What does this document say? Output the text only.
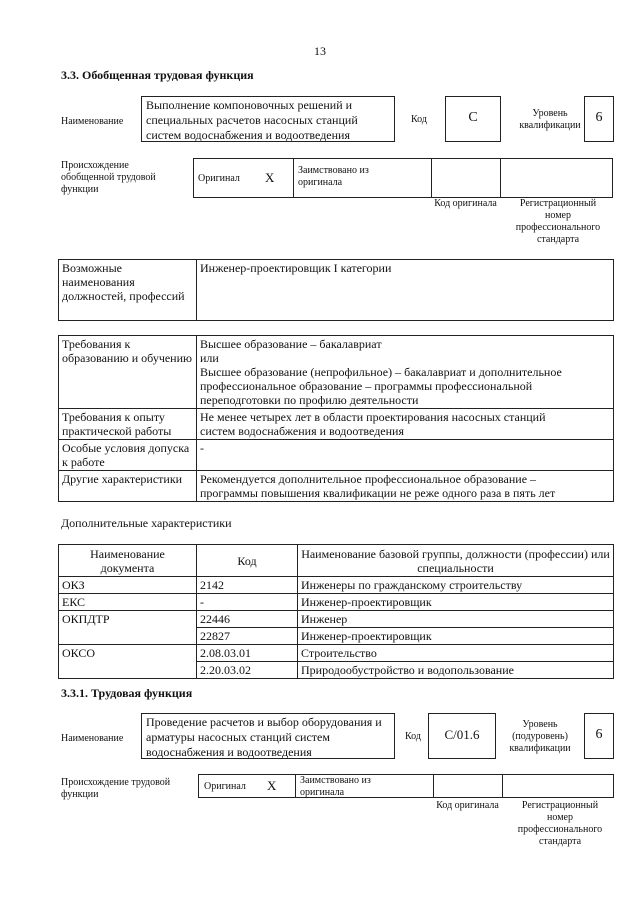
13
3.3. Обобщенная трудовая функция
Наименование
Выполнение компоновочных решений и специальных расчетов насосных станций систем водоснабжения и водоотведения
Код	C	Уровень квалификации
6
Происхождение обобщенной трудовой функции
Оригинал X Заимствовано из оригинала
Код оригинала	Регистрационный номер профессионального стандарта
Возможные наименования должностей, профессий	Инженер-проектировщик I категории
Требования к образованию и обучению	Высшее образование – бакалавриат
или
Высшее образование (непрофильное) – бакалавриат и дополнительное
профессиональное образование – программы профессиональной
переподготовки по профилю деятельности

Требования к опыту практической работы	Не менее четырех лет в области проектирования насосных станций
систем водоснабжения и водоотведения

Особые условия допуска к работе	-

Другие характеристики	Рекомендуется дополнительное профессиональное образование –
программы повышения квалификации не реже одного раза в пять лет
Дополнительные характеристики
Наименование документа	Код	Наименование базовой группы, должности (профессии) или специальности
ОКЗ	2142	Инженеры по гражданскому строительству
ЕКС	-	Инженер-проектировщик
ОКПДТР	22446	Инженер
	22827	Инженер-проектировщик
ОКСО	2.08.03.01	Строительство
	2.20.03.02	Природообустройство и водопользование
3.3.1. Трудовая функция
Наименование
Проведение расчетов и выбор оборудования и арматуры насосных станций систем водоснабжения и водоотведения
Код	C/01.6
Уровень (подуровень) квалификации
6
Происхождение трудовой функции
Оригинал X Заимствовано из оригинала
Код оригинала	Регистрационный номер профессионального стандарта
